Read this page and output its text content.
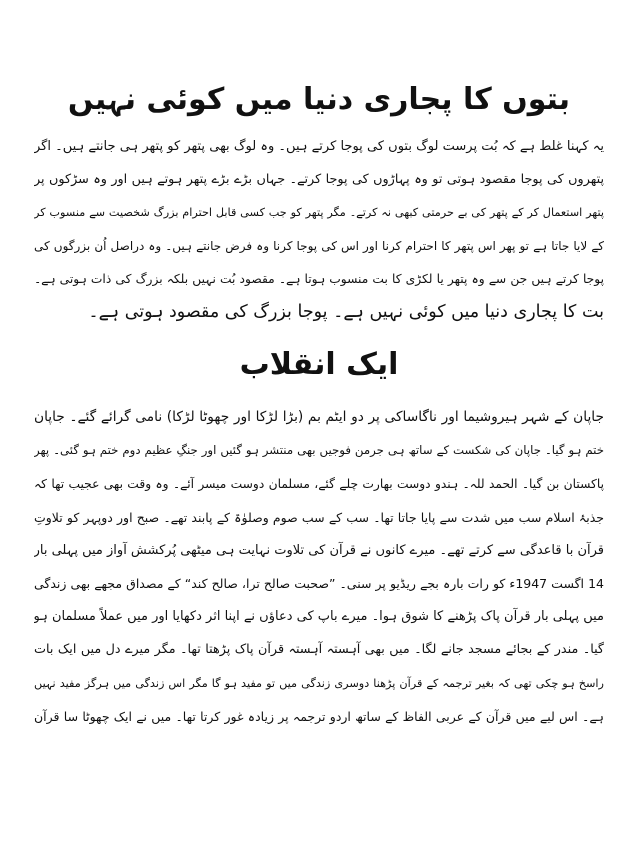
بتوں کا پجاری دنیا میں کوئی نہیں
یہ کہنا غلط ہے کہ بُت پرست لوگ بتوں کی پوجا کرتے ہیں۔ وہ لوگ بھی پتھر کو پتھر ہی جانتے ہیں۔ اگر
پتھروں کی پوجا مقصود ہوتی تو وہ پہاڑوں کی پوجا کرتے۔ جہاں بڑے بڑے پتھر ہوتے ہیں اور وہ سڑکوں پر
پتھر استعمال کر کے پتھر کی بے حرمتی کبھی نہ کرتے۔ مگر پتھر کو جب کسی قابل احترام بزرگ شخصیت سے منسوب کر
کے لایا جاتا ہے تو پھر اس پتھر کا احترام کرنا اور اس کی پوجا کرنا وہ فرض جانتے ہیں۔ وہ دراصل اُن بزرگوں کی
پوجا کرتے ہیں جن سے وہ پتھر یا لکڑی کا بت منسوب ہوتا ہے۔ مقصود بُت نہیں بلکہ بزرگ کی ذات ہوتی ہے۔
بت کا پجاری دنیا میں کوئی نہیں ہے۔ پوجا بزرگ کی مقصود ہوتی ہے۔
ایک انقلاب
جاپان کے شہر ہیروشیما اور ناگاساکی پر دو ایٹم بم (بڑا لڑکا اور چھوٹا لڑکا) نامی گرائے گئے۔ جاپان
ختم ہو گیا۔ جاپان کی شکست کے ساتھ ہی جرمن فوجیں بھی منتشر ہو گئیں اور جنگِ عظیم دوم ختم ہو گئی۔ پھر
پاکستان بن گیا۔ الحمد للہ۔ ہندو دوست بھارت چلے گئے، مسلمان دوست میسر آئے۔ وہ وقت بھی عجیب تھا کہ
جذبۂ اسلام سب میں شدت سے پایا جاتا تھا۔ سب کے سب صوم وصلوٰۃ کے پابند تھے۔ صبح اور دوپہر کو تلاوتِ
قرآن با قاعدگی سے کرتے تھے۔ میرے کانوں نے قرآن کی تلاوت نہایت ہی میٹھی پُرکشش آواز میں پہلی بار
14 اگست 1947ء کو رات بارہ بجے ریڈیو پر سنی۔ ”صحبت صالح ترا، صالح کند“ کے مصداق مجھے بھی زندگی
میں پہلی بار قرآن پاک پڑھنے کا شوق ہوا۔ میرے باپ کی دعاؤں نے اپنا اثر دکھایا اور میں عملاً مسلمان ہو
گیا۔ مندر کے بجائے مسجد جانے لگا۔ میں بھی آہستہ آہستہ قرآن پاک پڑھتا تھا۔ مگر میرے دل میں ایک بات
راسخ ہو چکی تھی کہ بغیر ترجمہ کے قرآن پڑھنا دوسری زندگی میں تو مفید ہو گا مگر اس زندگی میں ہرگز مفید نہیں
ہے۔ اس لیے میں قرآن کے عربی الفاظ کے ساتھ اردو ترجمہ پر زیادہ غور کرتا تھا۔ میں نے ایک چھوٹا سا قرآن
